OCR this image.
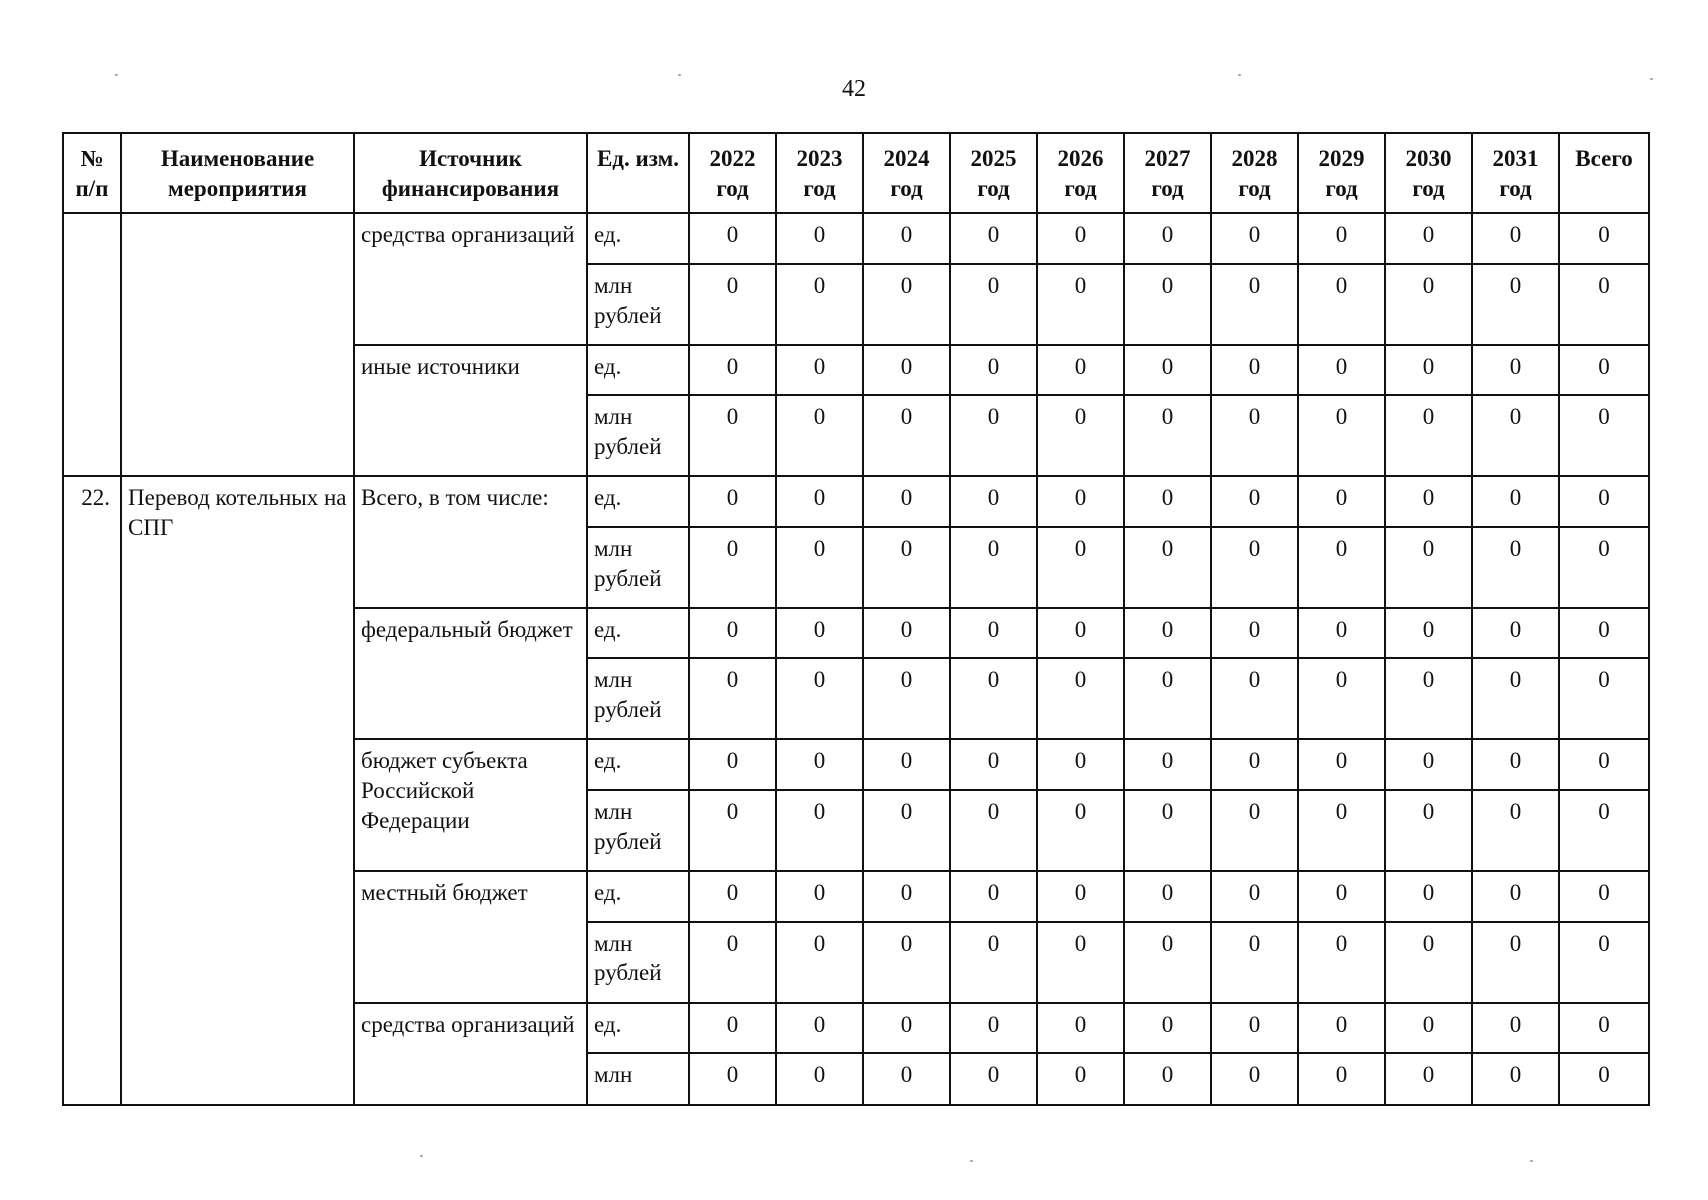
42
№ п/п	Наименование мероприятия	Источник финансирования	Ед. изм.	2022 год	2023 год	2024 год	2025 год	2026 год	2027 год	2028 год	2029 год	2030 год	2031 год	Всего
		средства организаций	ед.	0	0	0	0	0	0	0	0	0	0	0
			млн рублей	0	0	0	0	0	0	0	0	0	0	0
		иные источники	ед.	0	0	0	0	0	0	0	0	0	0	0
			млн рублей	0	0	0	0	0	0	0	0	0	0	0
22.	Перевод котельных на СПГ	Всего, в том числе:	ед.	0	0	0	0	0	0	0	0	0	0	0
			млн рублей	0	0	0	0	0	0	0	0	0	0	0
		федеральный бюджет	ед.	0	0	0	0	0	0	0	0	0	0	0
			млн рублей	0	0	0	0	0	0	0	0	0	0	0
		бюджет субъекта Российской Федерации	ед.	0	0	0	0	0	0	0	0	0	0	0
			млн рублей	0	0	0	0	0	0	0	0	0	0	0
		местный бюджет	ед.	0	0	0	0	0	0	0	0	0	0	0
			млн рублей	0	0	0	0	0	0	0	0	0	0	0
		средства организаций	ед.	0	0	0	0	0	0	0	0	0	0	0
			млн	0	0	0	0	0	0	0	0	0	0	0
